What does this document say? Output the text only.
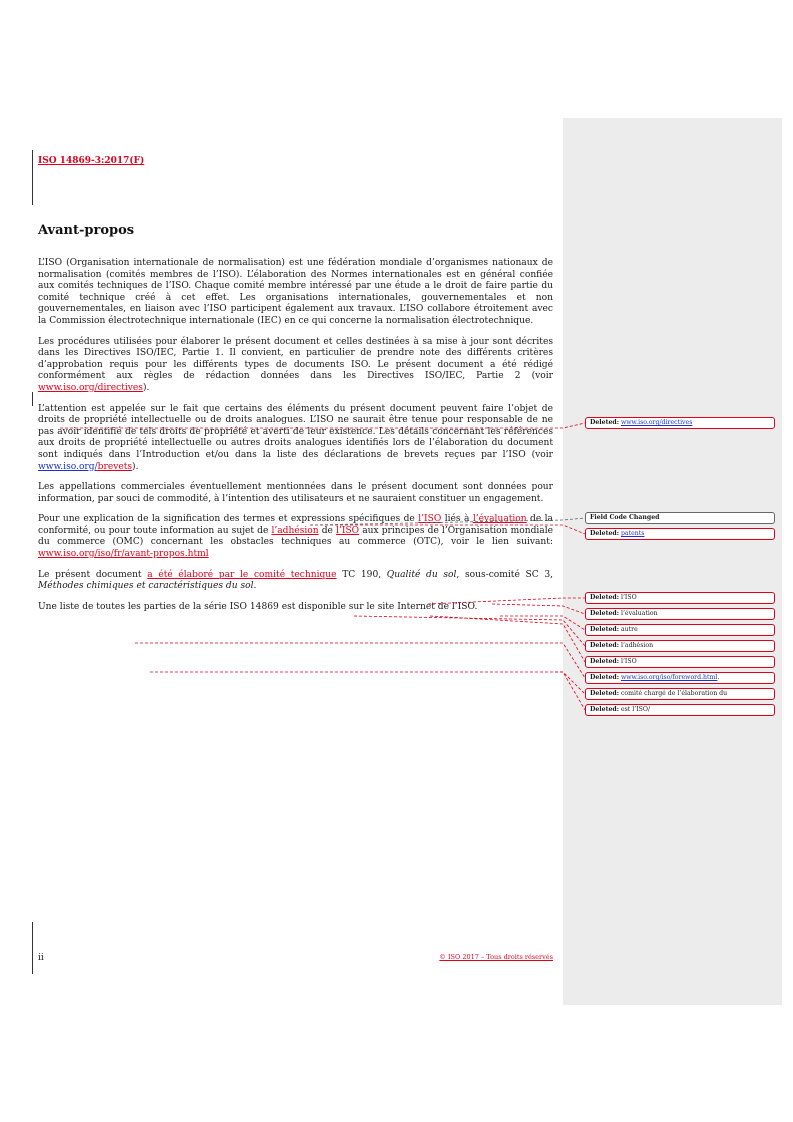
ISO 14869-3:2017(F)
Avant-propos

L’ISO (Organisation internationale de normalisation) est une fédération mondiale d’organismes nationaux de normalisation (comités membres de l’ISO). L’élaboration des Normes internationales est en général confiée aux comités techniques de l’ISO. Chaque comité membre intéressé par une étude a le droit de faire partie du comité technique créé à cet effet. Les organisations internationales, gouvernementales et non gouvernementales, en liaison avec l’ISO participent également aux travaux. L’ISO collabore étroitement avec la Commission électrotechnique internationale (IEC) en ce qui concerne la normalisation électrotechnique.

Les procédures utilisées pour élaborer le présent document et celles destinées à sa mise à jour sont décrites dans les Directives ISO/IEC, Partie 1. Il convient, en particulier de prendre note des différents critères d’approbation requis pour les différents types de documents ISO. Le présent document a été rédigé conformément aux règles de rédaction données dans les Directives ISO/IEC, Partie 2 (voir www.iso.org/directives).

L’attention est appelée sur le fait que certains des éléments du présent document peuvent faire l’objet de droits de propriété intellectuelle ou de droits analogues. L’ISO ne saurait être tenue pour responsable de ne pas avoir identifié de tels droits de propriété et averti de leur existence. Les détails concernant les références aux droits de propriété intellectuelle ou autres droits analogues identifiés lors de l’élaboration du document sont indiqués dans l’Introduction et/ou dans la liste des déclarations de brevets reçues par l’ISO (voir www.iso.org/brevets).

Les appellations commerciales éventuellement mentionnées dans le présent document sont données pour information, par souci de commodité, à l’intention des utilisateurs et ne sauraient constituer un engagement.

Pour une explication de la signification des termes et expressions spécifiques de l’ISO liés à l’évaluation de la conformité, ou pour toute information au sujet de l’adhésion de l’ISO aux principes de l’Organisation mondiale du commerce (OMC) concernant les obstacles techniques au commerce (OTC), voir le lien suivant: www.iso.org/iso/fr/avant-propos.html

Le présent document a été élaboré par le comité technique TC 190, Qualité du sol, sous-comité SC 3, Méthodes chimiques et caractéristiques du sol.

Une liste de toutes les parties de la série ISO 14869 est disponible sur le site Internet de l’ISO.

ii	© ISO 2017 – Tous droits réservés
Deleted: www.iso.org/directives
Field Code Changed
Deleted: patents
Deleted: l’ISO
Deleted: l’évaluation
Deleted: autre
Deleted: l’adhésion
Deleted: l’ISO
Deleted: www.iso.org/iso/foreword.html.
Deleted: comité chargé de l’élaboration du
Deleted: est l’ISO/
